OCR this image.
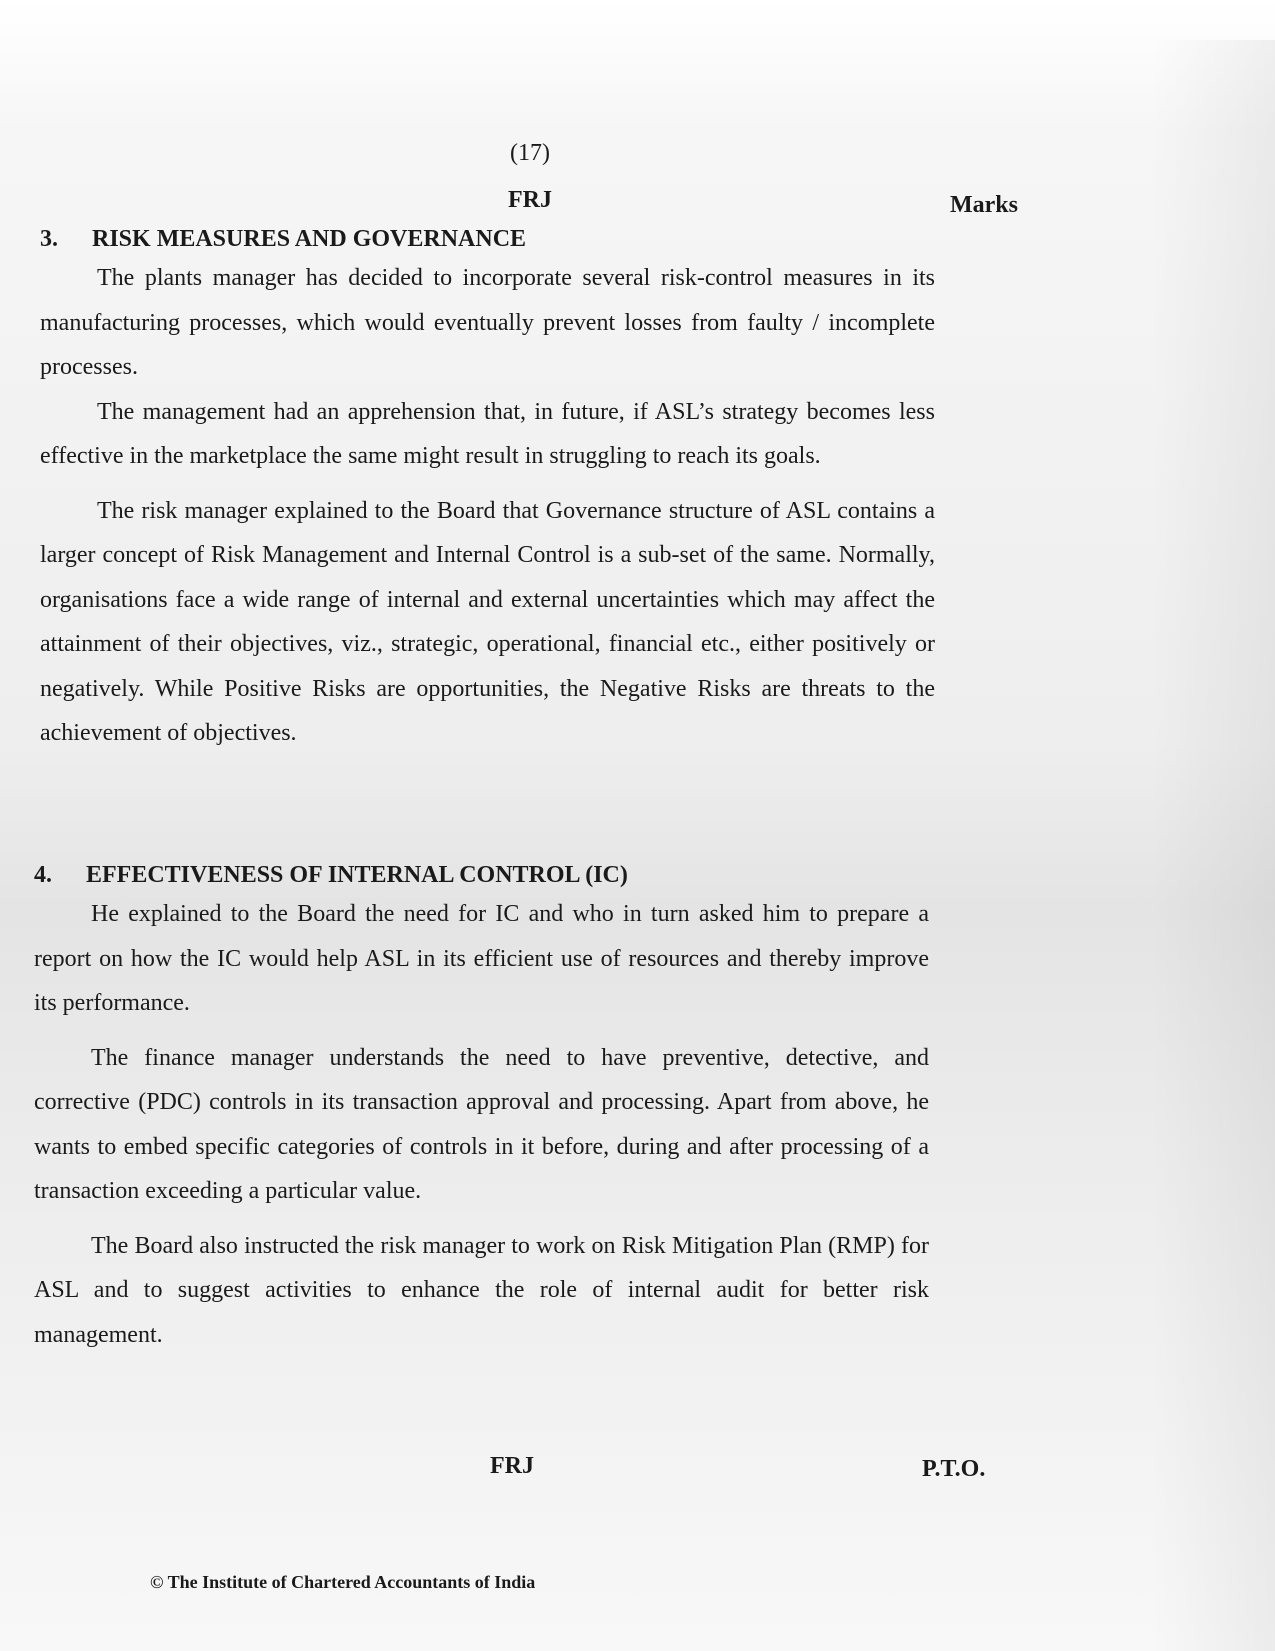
(17)
FRJ	Marks
3.	RISK MEASURES AND GOVERNANCE

The plants manager has decided to incorporate several risk-control measures in its manufacturing processes, which would eventually prevent losses from faulty / incomplete processes.

The management had an apprehension that, in future, if ASL’s strategy becomes less effective in the marketplace the same might result in struggling to reach its goals.

The risk manager explained to the Board that Governance structure of ASL contains a larger concept of Risk Management and Internal Control is a sub-set of the same. Normally, organisations face a wide range of internal and external uncertainties which may affect the attainment of their objectives, viz., strategic, operational, financial etc., either positively or negatively. While Positive Risks are opportunities, the Negative Risks are threats to the achievement of objectives.

4.	EFFECTIVENESS OF INTERNAL CONTROL (IC)

He explained to the Board the need for IC and who in turn asked him to prepare a report on how the IC would help ASL in its efficient use of resources and thereby improve its performance.

The finance manager understands the need to have preventive, detective, and corrective (PDC) controls in its transaction approval and processing. Apart from above, he wants to embed specific categories of controls in it before, during and after processing of a transaction exceeding a particular value.

The Board also instructed the risk manager to work on Risk Mitigation Plan (RMP) for ASL and to suggest activities to enhance the role of internal audit for better risk management.

FRJ	P.T.O.
© The Institute of Chartered Accountants of India
